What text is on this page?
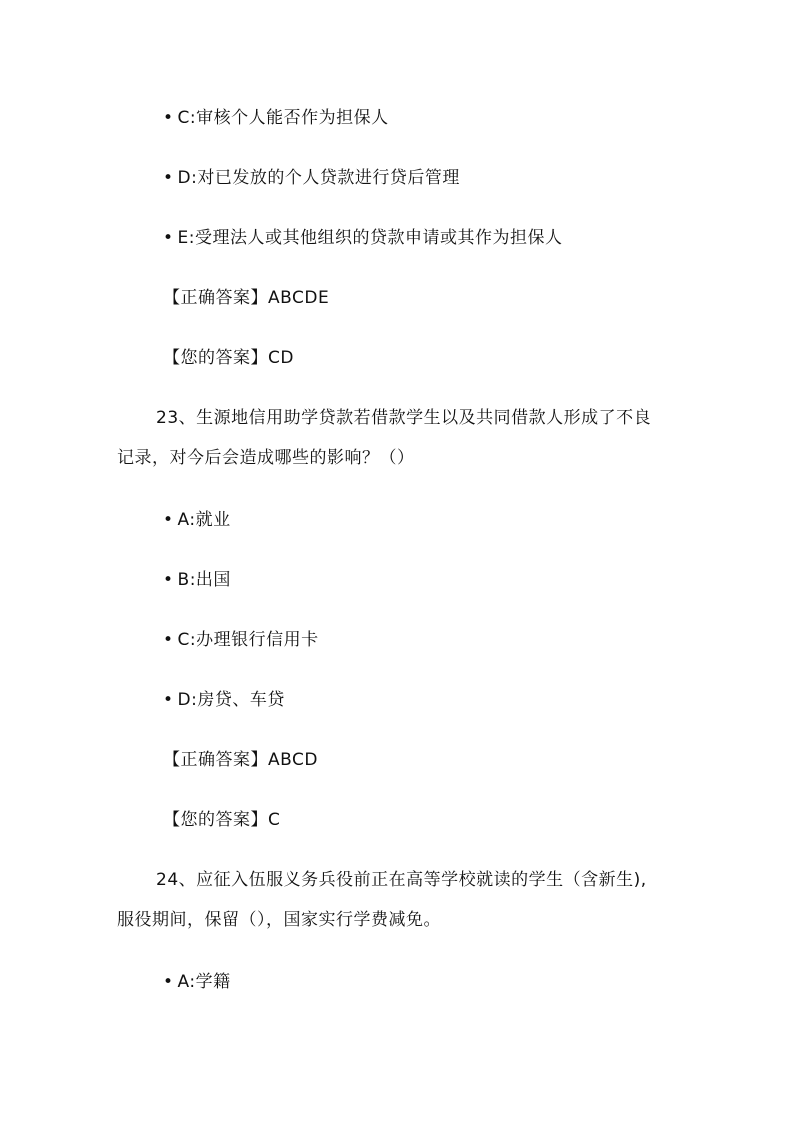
• C:审核个人能否作为担保人
• D:对已发放的个人贷款进行贷后管理
• E:受理法人或其他组织的贷款申请或其作为担保人
【正确答案】ABCDE
【您的答案】CD
23、生源地信用助学贷款若借款学生以及共同借款人形成了不良
记录，对今后会造成哪些的影响？（）
• A:就业
• B:出国
• C:办理银行信用卡
• D:房贷、车贷
【正确答案】ABCD
【您的答案】C
24、应征入伍服义务兵役前正在高等学校就读的学生（含新生),
服役期间，保留（），国家实行学费减免。
• A:学籍
